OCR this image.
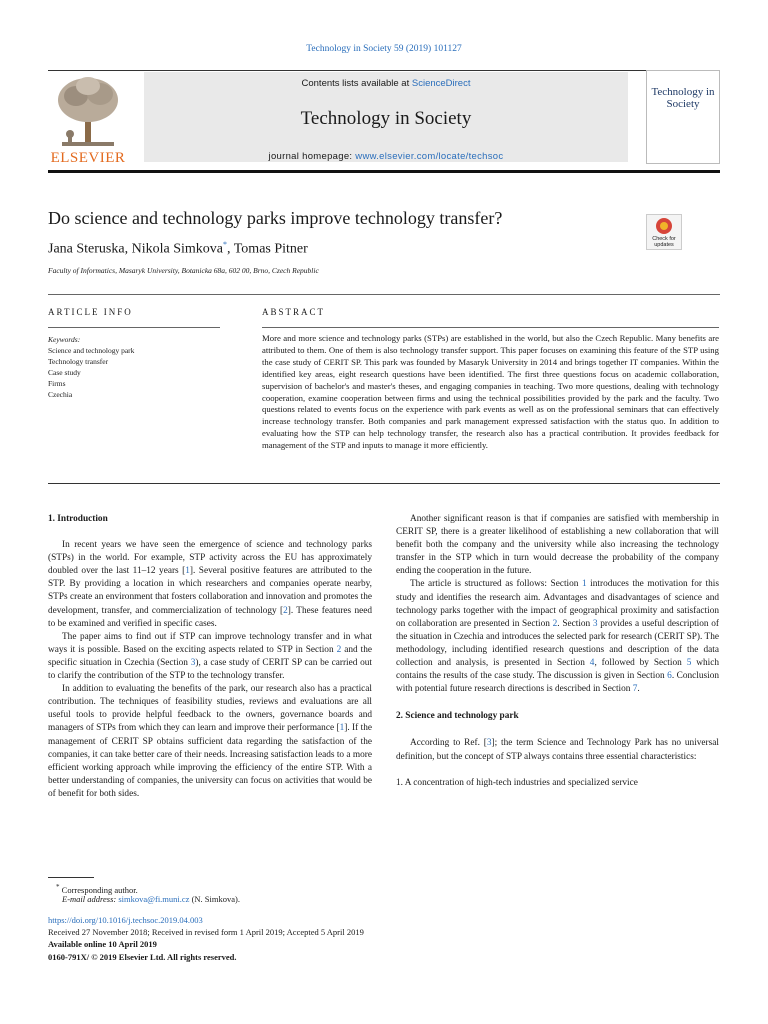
Technology in Society 59 (2019) 101127
ELSEVIER
Contents lists available at ScienceDirect
Technology in Society
journal homepage: www.elsevier.com/locate/techsoc
Technology in Society
Do science and technology parks improve technology transfer?
Jana Steruska, Nikola Simkova*, Tomas Pitner
Faculty of Informatics, Masaryk University, Botanicka 68a, 602 00, Brno, Czech Republic
Check for updates
ARTICLE INFO	ABSTRACT
Keywords:
Science and technology park
Technology transfer
Case study
Firms
Czechia
More and more science and technology parks (STPs) are established in the world, but also the Czech Republic. Many benefits are attributed to them. One of them is also technology transfer support. This paper focuses on examining this feature of the STP using the case study of CERIT SP. This park was founded by Masaryk University in 2014 and brings together IT companies. Within the identified key areas, eight research questions have been identified. The first three questions focus on academic collaboration, supervision of bachelor's and master's theses, and engaging companies in teaching. Two more questions, dealing with technology cooperation, examine cooperation between firms and using the technical possibilities provided by the park and the faculty. Two questions related to events focus on the experience with park events as well as on the professional seminars that can effectively increase technology transfer. Both companies and park management expressed satisfaction with the status quo. In addition to evaluating how the STP can help technology transfer, the research also has a practical contribution. It provides feedback for management of the STP and inputs to manage it more efficiently.
1. Introduction

In recent years we have seen the emergence of science and technology parks (STPs) in the world. For example, STP activity across the EU has approximately doubled over the last 11–12 years [1]. Several positive features are attributed to the STP. By providing a location in which researchers and companies operate nearby, STPs create an environment that fosters collaboration and innovation and promotes the development, transfer, and commercialization of technology [2]. These features need to be examined and verified in specific cases.

The paper aims to find out if STP can improve technology transfer and in what ways it is possible. Based on the exciting aspects related to STP in Section 2 and the specific situation in Czechia (Section 3), a case study of CERIT SP can be carried out to clarify the contribution of the STP to the technology transfer.

In addition to evaluating the benefits of the park, our research also has a practical contribution. The techniques of feasibility studies, reviews and evaluations are all useful tools to provide helpful feedback to the owners, governance boards and managers of STPs from which they can learn and improve their performance [1]. If the management of CERIT SP obtains sufficient data regarding the satisfaction of the companies, it can take better care of their needs. Increasing satisfaction leads to a more efficient working approach while improving the efficiency of the entire STP. With a better understanding of companies, the university can focus on activities that would be of benefit for both sides.

Another significant reason is that if companies are satisfied with membership in CERIT SP, there is a greater likelihood of establishing a new collaboration that will benefit both the company and the university while also increasing the technology transfer in the STP which in turn would decrease the probability of the company ending the cooperation in the future.

The article is structured as follows: Section 1 introduces the motivation for this study and identifies the research aim. Advantages and disadvantages of science and technology parks together with the impact of geographical proximity and satisfaction on collaboration are presented in Section 2. Section 3 provides a useful description of the situation in Czechia and introduces the selected park for research (CERIT SP). The methodology, including identified research questions and description of the data collection and analysis, is presented in Section 4, followed by Section 5 which contains the results of the case study. The discussion is given in Section 6. Conclusion with potential future research directions is described in Section 7.

2. Science and technology park

According to Ref. [3]; the term Science and Technology Park has no universal definition, but the concept of STP always contains three essential characteristics:

1. A concentration of high-tech industries and specialized service

* Corresponding author.
E-mail address: simkova@fi.muni.cz (N. Simkova).
https://doi.org/10.1016/j.techsoc.2019.04.003
Received 27 November 2018; Received in revised form 1 April 2019; Accepted 5 April 2019
Available online 10 April 2019
0160-791X/ © 2019 Elsevier Ltd. All rights reserved.
